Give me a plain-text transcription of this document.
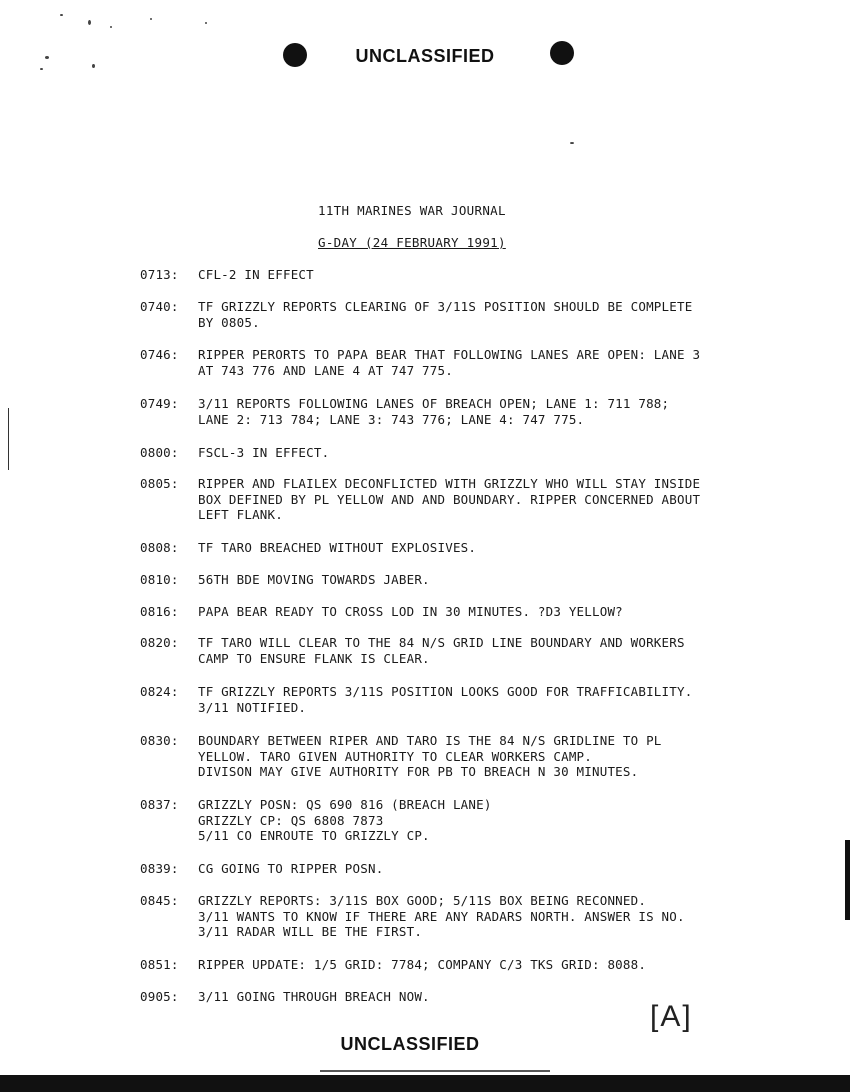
UNCLASSIFIED
11TH MARINES WAR JOURNAL
G-DAY (24 FEBRUARY 1991)
0713:	CFL-2 IN EFFECT
0740:	TF GRIZZLY REPORTS CLEARING OF 3/11S POSITION SHOULD BE COMPLETE
BY 0805.
0746:	RIPPER PERORTS TO PAPA BEAR THAT FOLLOWING LANES ARE OPEN: LANE 3
AT 743 776 AND LANE 4 AT 747 775.
0749:	3/11 REPORTS FOLLOWING LANES OF BREACH OPEN; LANE 1: 711 788;
LANE 2: 713 784; LANE 3: 743 776; LANE 4: 747 775.
0800:	FSCL-3 IN EFFECT.
0805:	RIPPER AND FLAILEX DECONFLICTED WITH GRIZZLY WHO WILL STAY INSIDE
BOX DEFINED BY PL YELLOW AND AND BOUNDARY. RIPPER CONCERNED ABOUT
LEFT FLANK.
0808:	TF TARO BREACHED WITHOUT EXPLOSIVES.
0810:	56TH BDE MOVING TOWARDS JABER.
0816:	PAPA BEAR READY TO CROSS LOD IN 30 MINUTES. ?D3 YELLOW?
0820:	TF TARO WILL CLEAR TO THE 84 N/S GRID LINE BOUNDARY AND WORKERS
CAMP TO ENSURE FLANK IS CLEAR.
0824:	TF GRIZZLY REPORTS 3/11S POSITION LOOKS GOOD FOR TRAFFICABILITY.
3/11 NOTIFIED.
0830:	BOUNDARY BETWEEN RIPER AND TARO IS THE 84 N/S GRIDLINE TO PL
YELLOW. TARO GIVEN AUTHORITY TO CLEAR WORKERS CAMP.
DIVISON MAY GIVE AUTHORITY FOR PB TO BREACH N 30 MINUTES.
0837:	GRIZZLY POSN: QS 690 816 (BREACH LANE)
GRIZZLY CP: QS 6808 7873
5/11 CO ENROUTE TO GRIZZLY CP.
0839:	CG GOING TO RIPPER POSN.
0845:	GRIZZLY REPORTS: 3/11S BOX GOOD; 5/11S BOX BEING RECONNED.
3/11 WANTS TO KNOW IF THERE ARE ANY RADARS NORTH. ANSWER IS NO.
3/11 RADAR WILL BE THE FIRST.
0851:	RIPPER UPDATE: 1/5 GRID: 7784; COMPANY C/3 TKS GRID: 8088.
0905:	3/11 GOING THROUGH BREACH NOW.
[A]
UNCLASSIFIED
